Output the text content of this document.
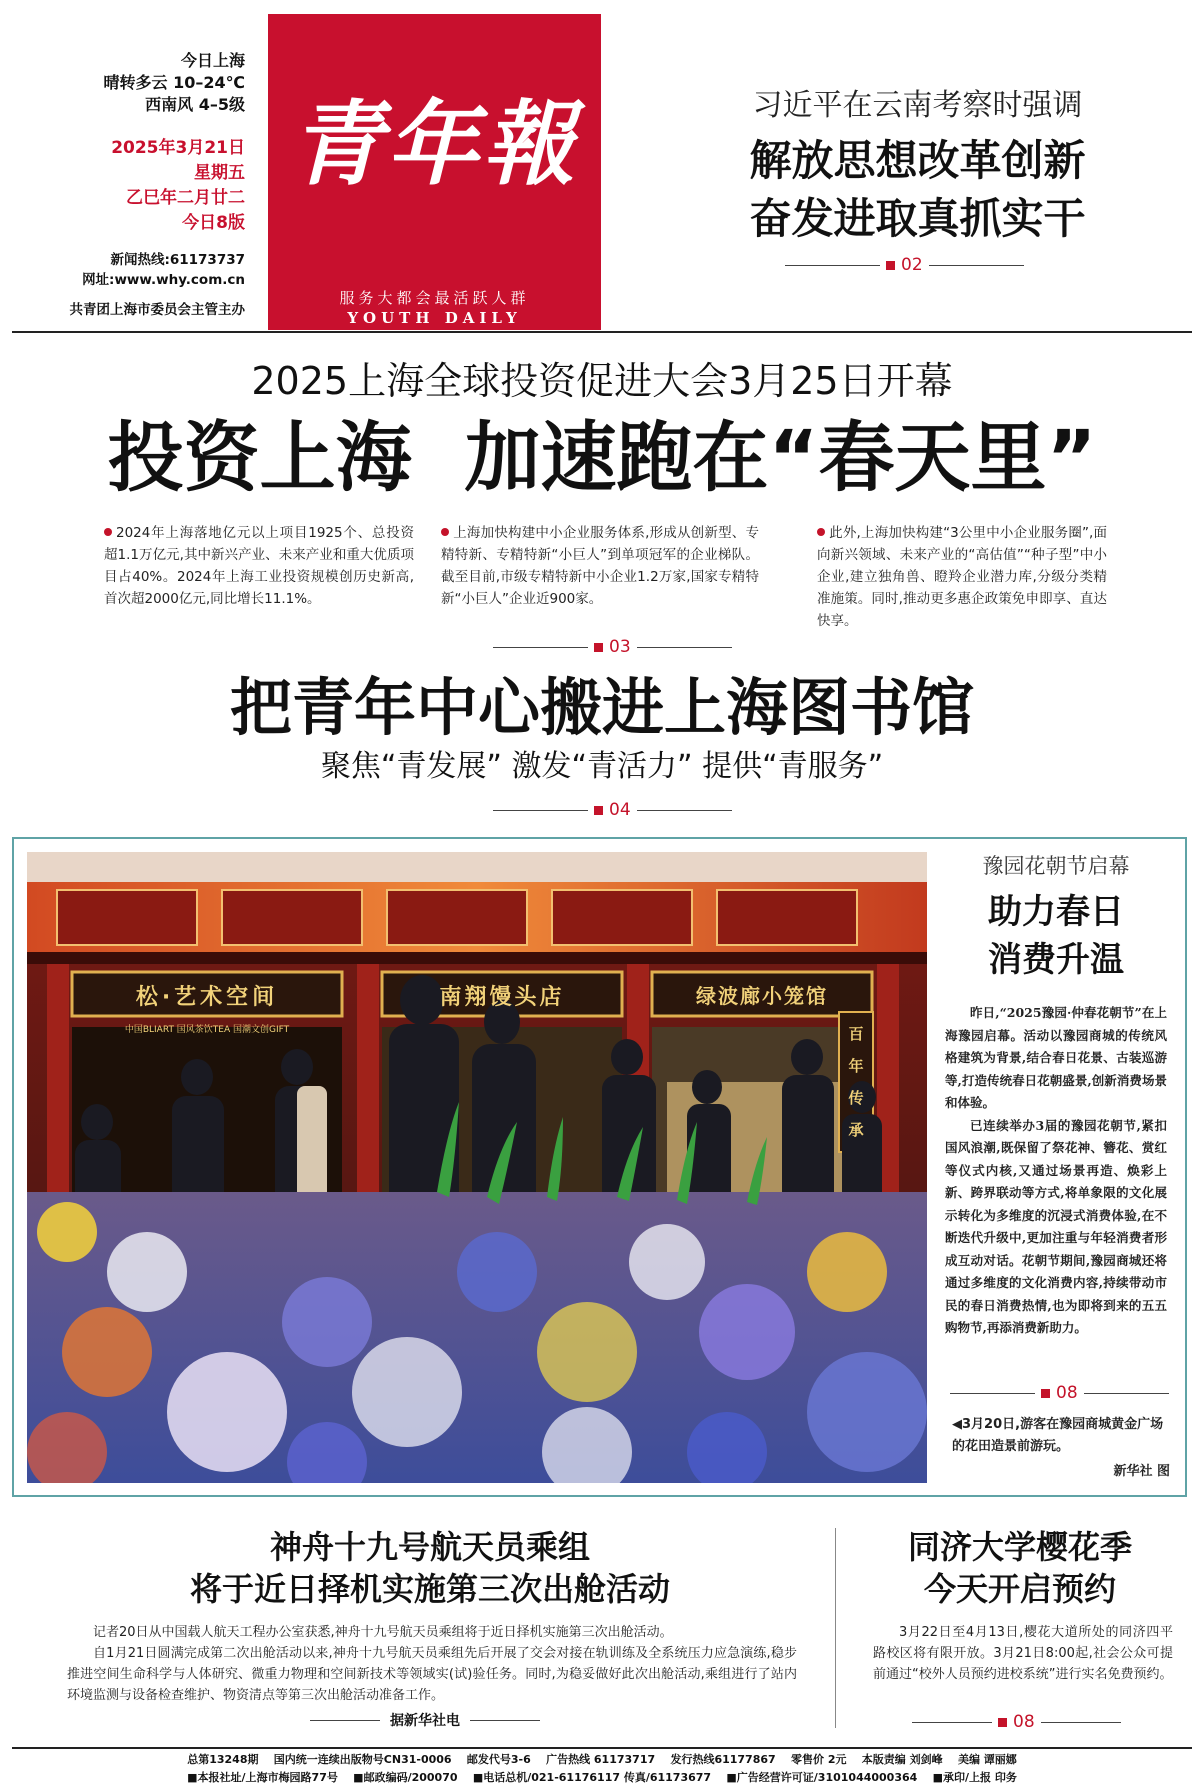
今日上海
晴转多云 10–24℃
西南风 4–5级
2025年3月21日
星期五
乙巳年二月廿二
今日8版
新闻热线:61173737
网址:www.why.com.cn
共青团上海市委员会主管主办
青年報
服务大都会最活跃人群
YOUTH DAILY
习近平在云南考察时强调
解放思想改革创新
奋发进取真抓实干
02
2025上海全球投资促进大会3月25日开幕
投资上海  加速跑在“春天里”
2024年上海落地亿元以上项目1925个、总投资超1.1万亿元,其中新兴产业、未来产业和重大优质项目占40%。2024年上海工业投资规模创历史新高,首次超2000亿元,同比增长11.1%。
上海加快构建中小企业服务体系,形成从创新型、专精特新、专精特新“小巨人”到单项冠军的企业梯队。截至目前,市级专精特新中小企业1.2万家,国家专精特新“小巨人”企业近900家。
此外,上海加快构建“3公里中小企业服务圈”,面向新兴领域、未来产业的“高估值”“种子型”中小企业,建立独角兽、瞪羚企业潜力库,分级分类精准施策。同时,推动更多惠企政策免申即享、直达快享。
03
把青年中心搬进上海图书馆
聚焦“青发展” 激发“青活力” 提供“青服务”
04
松·艺术空间
中国BLIART 国风茶饮TEA 国潮文创GIFT
南翔馒头店	绿波廊小笼馆
百年传承
豫园花朝节启幕
助力春日
消费升温
昨日,“2025豫园·仲春花朝节”在上海豫园启幕。活动以豫园商城的传统风格建筑为背景,结合春日花景、古装巡游等,打造传统春日花朝盛景,创新消费场景和体验。
已连续举办3届的豫园花朝节,紧扣国风浪潮,既保留了祭花神、簪花、赏红等仪式内核,又通过场景再造、焕彩上新、跨界联动等方式,将单象限的文化展示转化为多维度的沉浸式消费体验,在不断迭代升级中,更加注重与年轻消费者形成互动对话。花朝节期间,豫园商城还将通过多维度的文化消费内容,持续带动市民的春日消费热情,也为即将到来的五五购物节,再添消费新助力。
08
◀3月20日,游客在豫园商城黄金广场的花田造景前游玩。
新华社 图
神舟十九号航天员乘组
将于近日择机实施第三次出舱活动
记者20日从中国载人航天工程办公室获悉,神舟十九号航天员乘组将于近日择机实施第三次出舱活动。
自1月21日圆满完成第二次出舱活动以来,神舟十九号航天员乘组先后开展了交会对接在轨训练及全系统压力应急演练,稳步推进空间生命科学与人体研究、微重力物理和空间新技术等领域实(试)验任务。同时,为稳妥做好此次出舱活动,乘组进行了站内环境监测与设备检查维护、物资清点等第三次出舱活动准备工作。
据新华社电
同济大学樱花季
今天开启预约
3月22日至4月13日,樱花大道所处的同济四平路校区将有限开放。3月21日8:00起,社会公众可提前通过“校外人员预约进校系统”进行实名免费预约。
08
总第13248期    国内统一连续出版物号CN31-0006    邮发代号3-6    广告热线 61173717    发行热线61177867    零售价 2元    本版责编 刘剑峰    美编 谭丽娜
■本报社址/上海市梅园路77号    ■邮政编码/200070    ■电话总机/021-61176117 传真/61173677    ■广告经营许可证/3101044000364    ■承印/上报 印务
